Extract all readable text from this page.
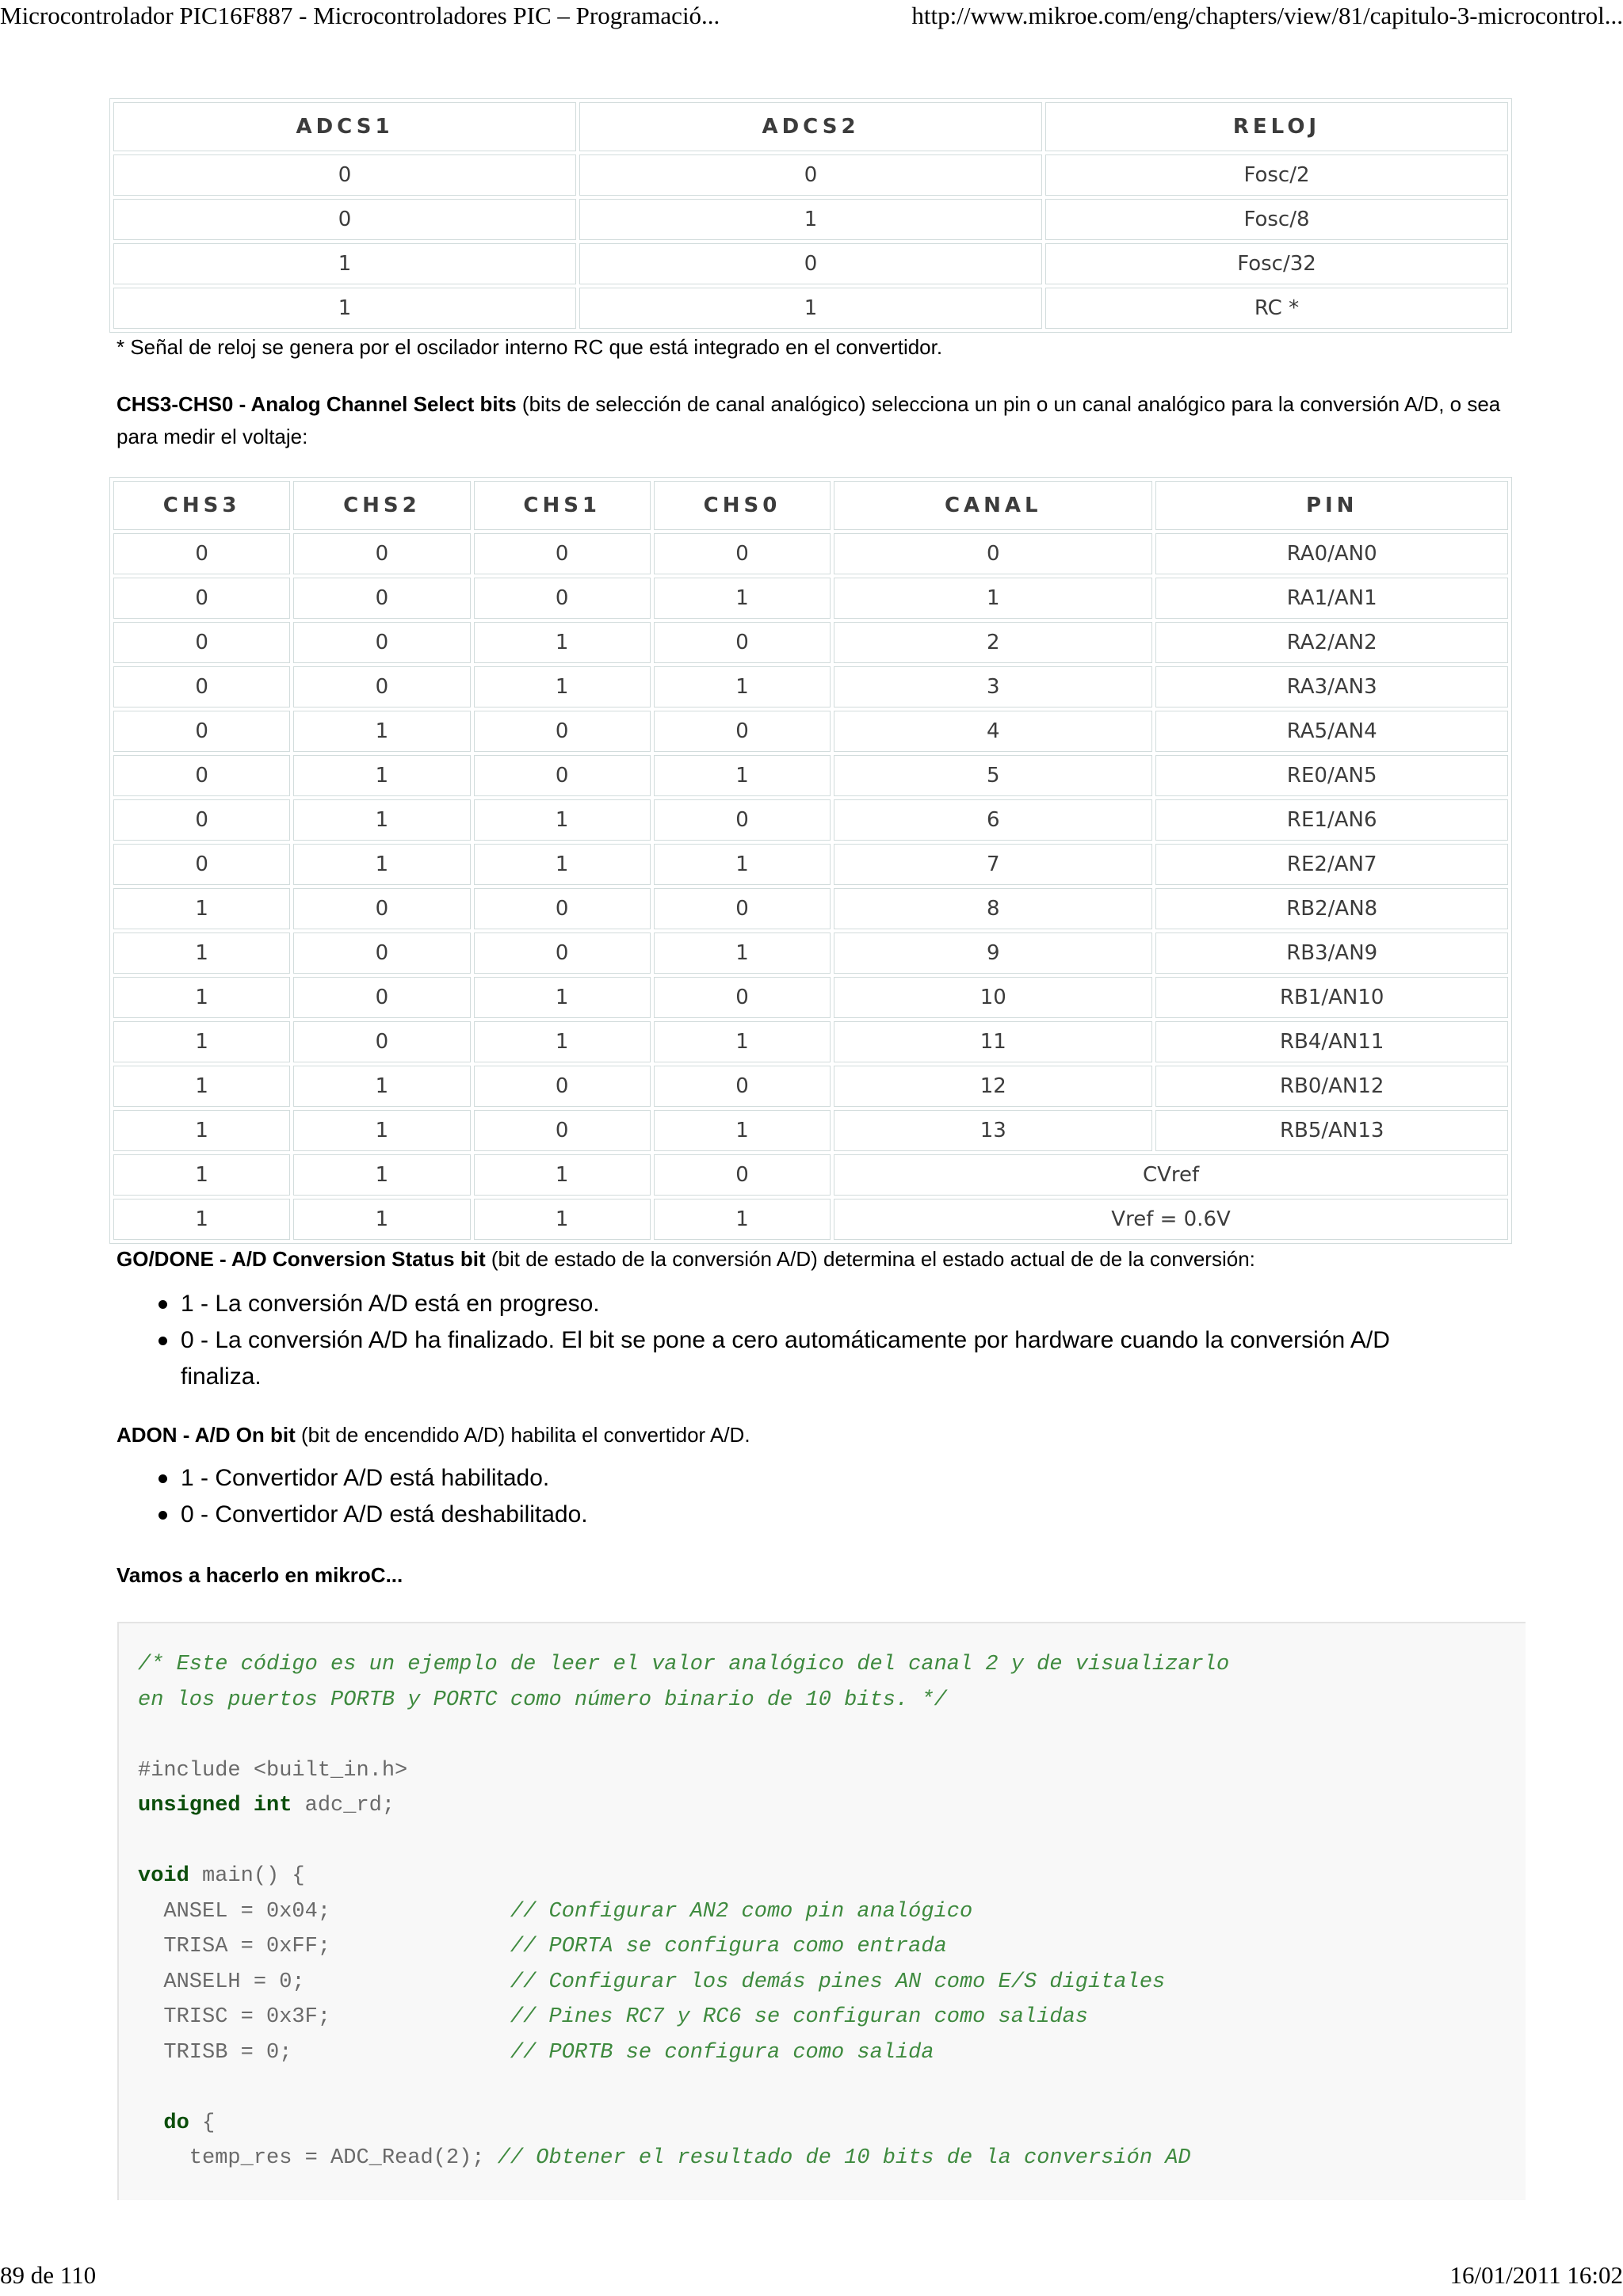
Microcontrolador PIC16F887 - Microcontroladores PIC – Programació...	http://www.mikroe.com/eng/chapters/view/81/capitulo-3-microcontrol...
ADCS1	ADCS2	RELOJ
0	0	Fosc/2
0	1	Fosc/8
1	0	Fosc/32
1	1	RC *
* Señal de reloj se genera por el oscilador interno RC que está integrado en el convertidor.
CHS3-CHS0 - Analog Channel Select bits (bits de selección de canal analógico) selecciona un pin o un canal analógico para la conversión A/D, o sea para medir el voltaje:
CHS3	CHS2	CHS1	CHS0	CANAL	PIN
0	0	0	0	0	RA0/AN0
0	0	0	1	1	RA1/AN1
0	0	1	0	2	RA2/AN2
0	0	1	1	3	RA3/AN3
0	1	0	0	4	RA5/AN4
0	1	0	1	5	RE0/AN5
0	1	1	0	6	RE1/AN6
0	1	1	1	7	RE2/AN7
1	0	0	0	8	RB2/AN8
1	0	0	1	9	RB3/AN9
1	0	1	0	10	RB1/AN10
1	0	1	1	11	RB4/AN11
1	1	0	0	12	RB0/AN12
1	1	0	1	13	RB5/AN13
1	1	1	0	CVref	
1	1	1	1	Vref = 0.6V	
GO/DONE - A/D Conversion Status bit (bit de estado de la conversión A/D) determina el estado actual de de la conversión:
1 - La conversión A/D está en progreso.
0 - La conversión A/D ha finalizado. El bit se pone a cero automáticamente por hardware cuando la conversión A/D finaliza.
ADON - A/D On bit (bit de encendido A/D) habilita el convertidor A/D.
1 - Convertidor A/D está habilitado.
0 - Convertidor A/D está deshabilitado.
Vamos a hacerlo en mikroC...
/* Este código es un ejemplo de leer el valor analógico del canal 2 y de visualizarlo
en los puertos PORTB y PORTC como número binario de 10 bits. */

#include <built_in.h>
unsigned int adc_rd;

void main() {
ANSEL = 0x04;              // Configurar AN2 como pin analógico
TRISA = 0xFF;              // PORTA se configura como entrada
ANSELH = 0;                // Configurar los demás pines AN como E/S digitales
TRISC = 0x3F;              // Pines RC7 y RC6 se configuran como salidas
TRISB = 0;                 // PORTB se configura como salida

do {
temp_res = ADC_Read(2); // Obtener el resultado de 10 bits de la conversión AD
89 de 110	16/01/2011 16:02
